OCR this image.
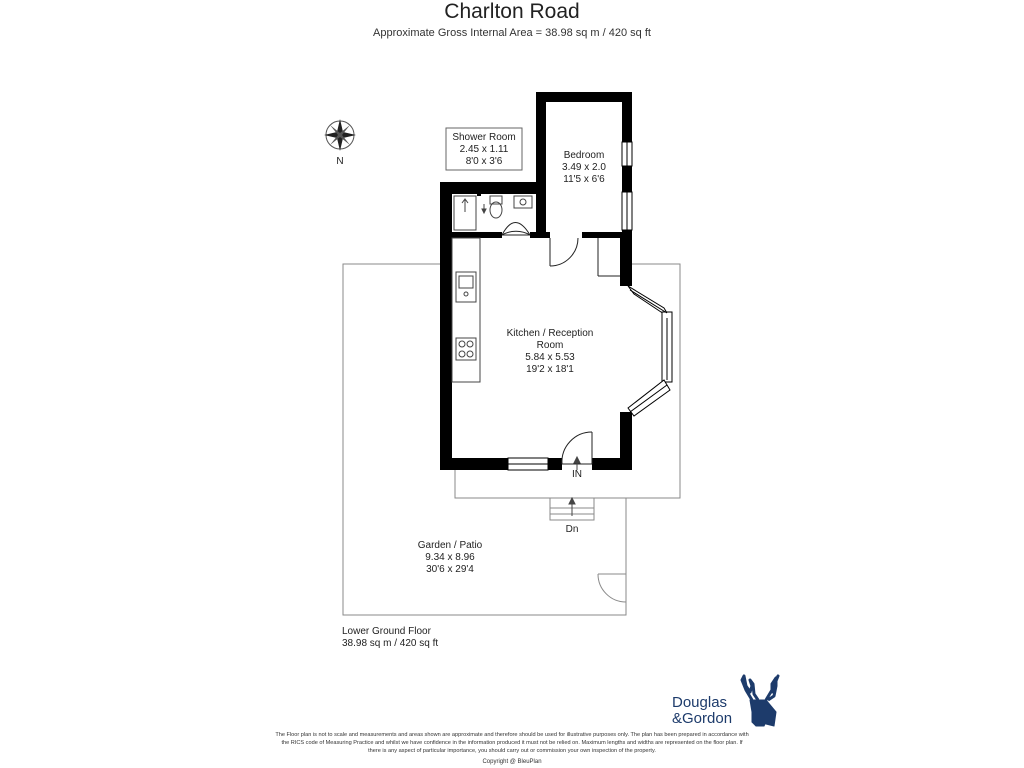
Charlton Road
Approximate Gross Internal Area = 38.98 sq m / 420 sq ft
Shower Room
2.45 x 1.11
8'0 x 3'6
Bedroom
3.49 x 2.0
11'5 x 6'6
Kitchen / Reception
Room
5.84 x 5.53
19'2 x 18'1
Garden / Patio
9.34 x 8.96
30'6 x 29'4
N
IN
Dn
Lower Ground Floor
38.98 sq m / 420 sq ft
Douglas
&Gordon
The Floor plan is not to scale and measurements and areas shown are approximate and therefore should be used for illustrative purposes only. The plan has been prepared in accordance with
the RICS code of Measuring Practice and whilst we have confidence in the information produced it must not be relied on. Maximum lengths and widths are represented on the floor plan. If
there is any aspect of particular importance, you should carry out or commission your own inspection of the property.
Copyright @ BleuPlan
